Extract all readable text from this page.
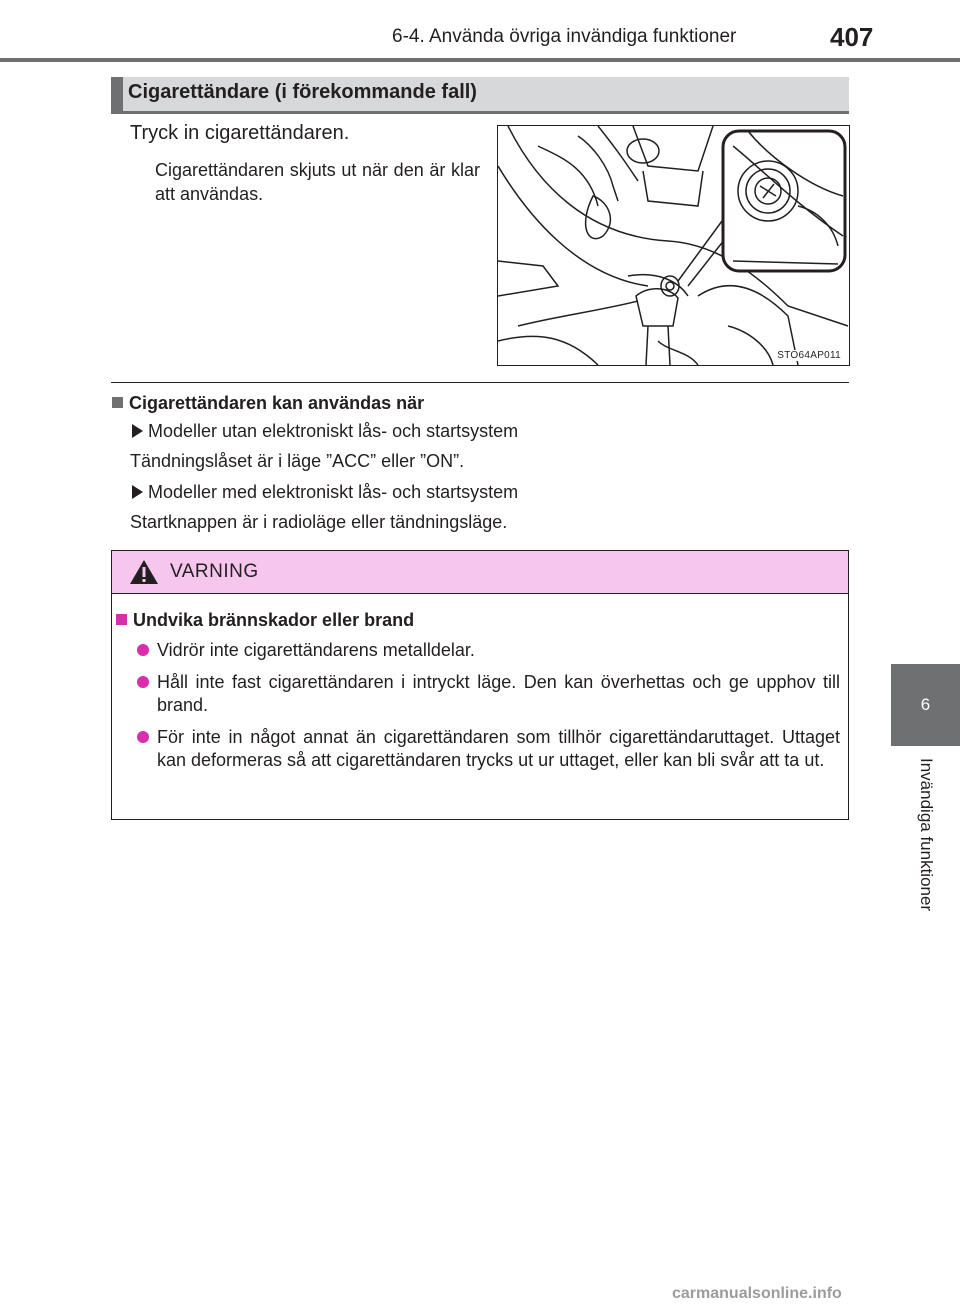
6-4. Använda övriga invändiga funktioner	407
6
Invändiga funktioner
Cigarettändare (i förekommande fall)
Tryck in cigarettändaren.
Cigarettändaren skjuts ut när den är klar att användas.
STO64AP011
Cigarettändaren kan användas när
Modeller utan elektroniskt lås- och startsystem
Tändningslåset är i läge ”ACC” eller ”ON”.
Modeller med elektroniskt lås- och startsystem
Startknappen är i radioläge eller tändningsläge.
VARNING
Undvika brännskador eller brand
Vidrör inte cigarettändarens metalldelar.
Håll inte fast cigarettändaren i intryckt läge. Den kan överhettas och ge upphov till brand.
För inte in något annat än cigarettändaren som tillhör cigarettändaruttaget. Uttaget kan deformeras så att cigarettändaren trycks ut ur uttaget, eller kan bli svår att ta ut.
carmanualsonline.info
